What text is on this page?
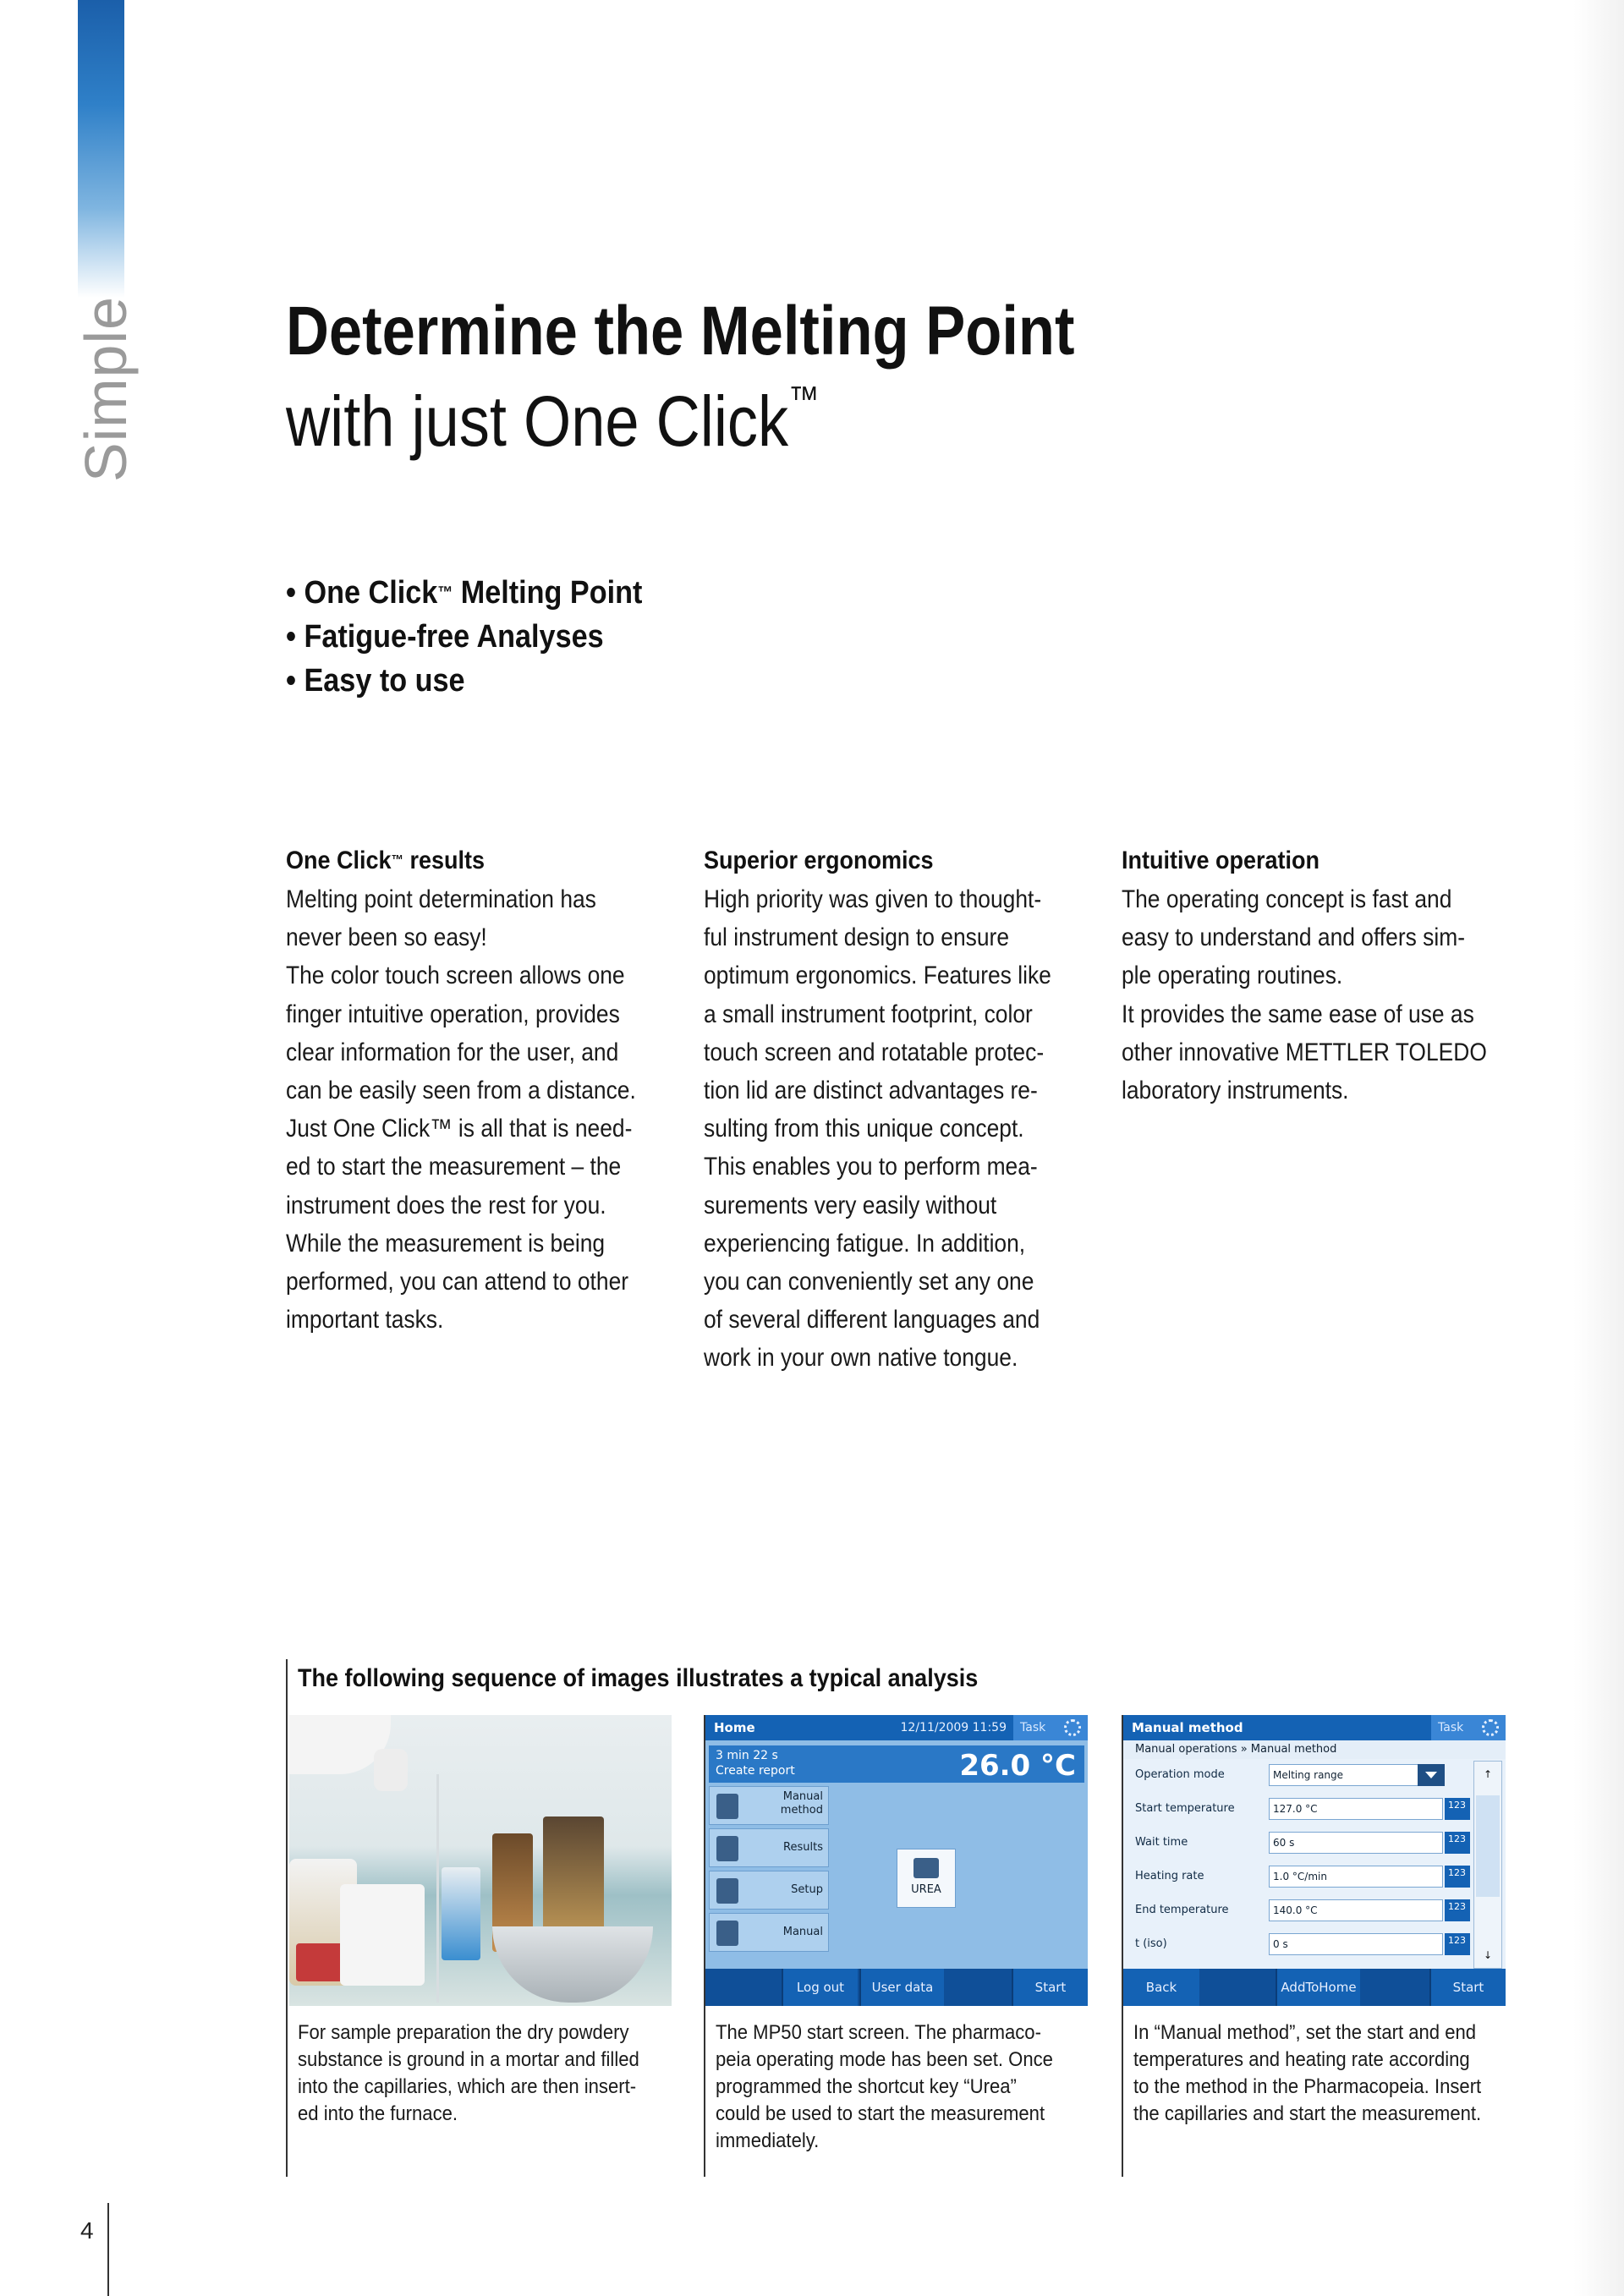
Simple Determine the Melting Point
with just One Click™
• One Click™ Melting Point
• Fatigue-free Analyses
• Easy to use
One Click™ results

Melting point determination has
never been so easy!
The color touch screen allows one
finger intuitive operation, provides
clear information for the user, and
can be easily seen from a distance.
Just One Click™ is all that is need-
ed to start the measurement – the
instrument does the rest for you.
While the measurement is being
performed, you can attend to other
important tasks.

Superior ergonomics

High priority was given to thought-
ful instrument design to ensure
optimum ergonomics. Features like
a small instrument footprint, color
touch screen and rotatable protec-
tion lid are distinct advantages re-
sulting from this unique concept.
This enables you to perform mea-
surements very easily without
experiencing fatigue. In addition,
you can conveniently set any one
of several different languages and
work in your own native tongue.

Intuitive operation

The operating concept is fast and
easy to understand and offers sim-
ple operating routines.
It provides the same ease of use as
other innovative METTLER TOLEDO
laboratory instruments.

The following sequence of images illustrates a typical analysis
For sample preparation the dry powdery
substance is ground in a mortar and filled
into the capillaries, which are then insert-
ed into the furnace.
Home	12/11/2009 11:59	Task
3 min 22 s
Create report	26.0 °C
Manual
method
Results
Setup
Manual
UREA
Log out	User data	Start
The MP50 start screen. The pharmaco-
peia operating mode has been set. Once
programmed the shortcut key “Urea”
could be used to start the measurement
immediately.
Manual method	Task
Manual operations » Manual method
Operation mode	Melting range
Start temperature	127.0 °C	123
Wait time	60 s	123
Heating rate	1.0 °C/min	123
End temperature	140.0 °C	123
t (iso)	0 s	123
↑
↓
Back	AddToHome	Start
In “Manual method”, set the start and end
temperatures and heating rate according
to the method in the Pharmacopeia. Insert
the capillaries and start the measurement.
4
